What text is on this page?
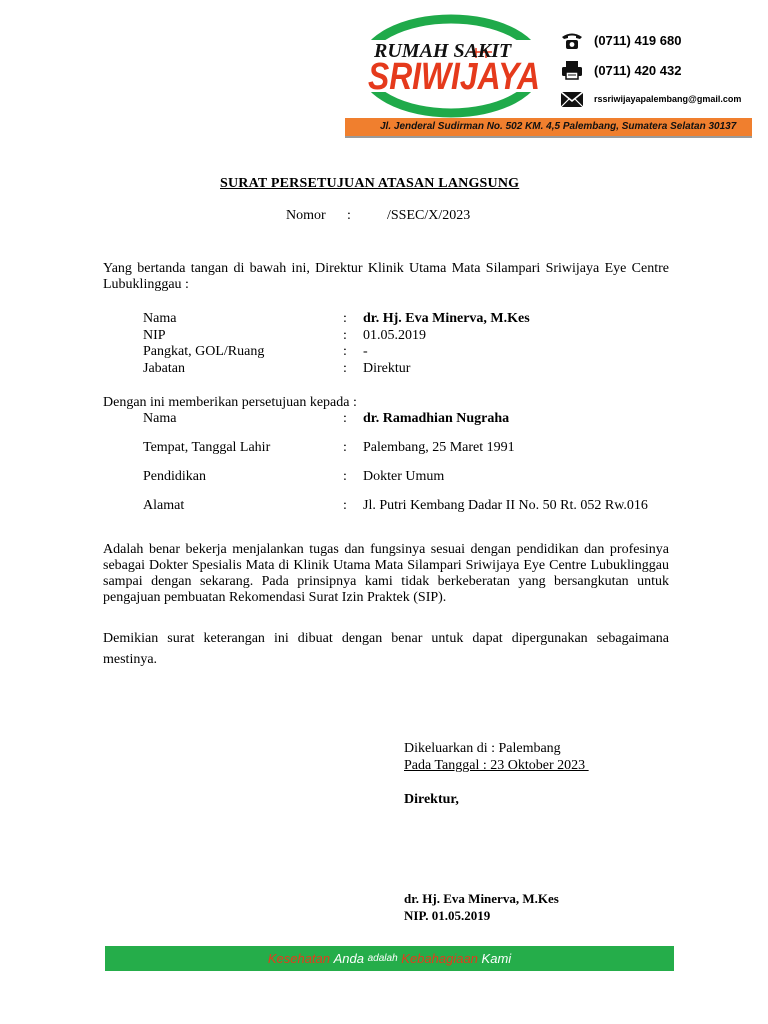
RUMAH SAKIT
SRIWIJAYA
(0711) 419 680
(0711) 420 432
rssriwijayapalembang@gmail.com
Jl. Jenderal Sudirman No. 502 KM. 4,5 Palembang, Sumatera Selatan 30137
SURAT PERSETUJUAN ATASAN LANGSUNG
Nomor :	/SSEC/X/2023
Yang bertanda tangan di bawah ini, Direktur Klinik Utama Mata Silampari Sriwijaya Eye Centre Lubuklinggau :
Nama	: dr. Hj. Eva Minerva, M.Kes
NIP	: 01.05.2019
Pangkat, GOL/Ruang	: -
Jabatan	: Direktur
Dengan ini memberikan persetujuan kepada :
Nama	: dr. Ramadhian Nugraha
Tempat, Tanggal Lahir	: Palembang, 25 Maret 1991
Pendidikan	: Dokter Umum
Alamat	: Jl. Putri Kembang Dadar II No. 50 Rt. 052 Rw.016
Adalah benar bekerja menjalankan tugas dan fungsinya sesuai dengan pendidikan dan profesinya sebagai Dokter Spesialis Mata di Klinik Utama Mata Silampari Sriwijaya Eye Centre Lubuklinggau sampai dengan sekarang. Pada prinsipnya kami tidak berkeberatan yang bersangkutan untuk pengajuan pembuatan Rekomendasi Surat Izin Praktek (SIP).
Demikian surat keterangan ini dibuat dengan benar untuk dapat dipergunakan sebagaimana mestinya.
Dikeluarkan di : Palembang
Pada Tanggal : 23 Oktober 2023
Direktur,
dr. Hj. Eva Minerva, M.Kes
NIP. 01.05.2019
Kesehatan
Anda
adalah
Kebahagiaan
Kami
